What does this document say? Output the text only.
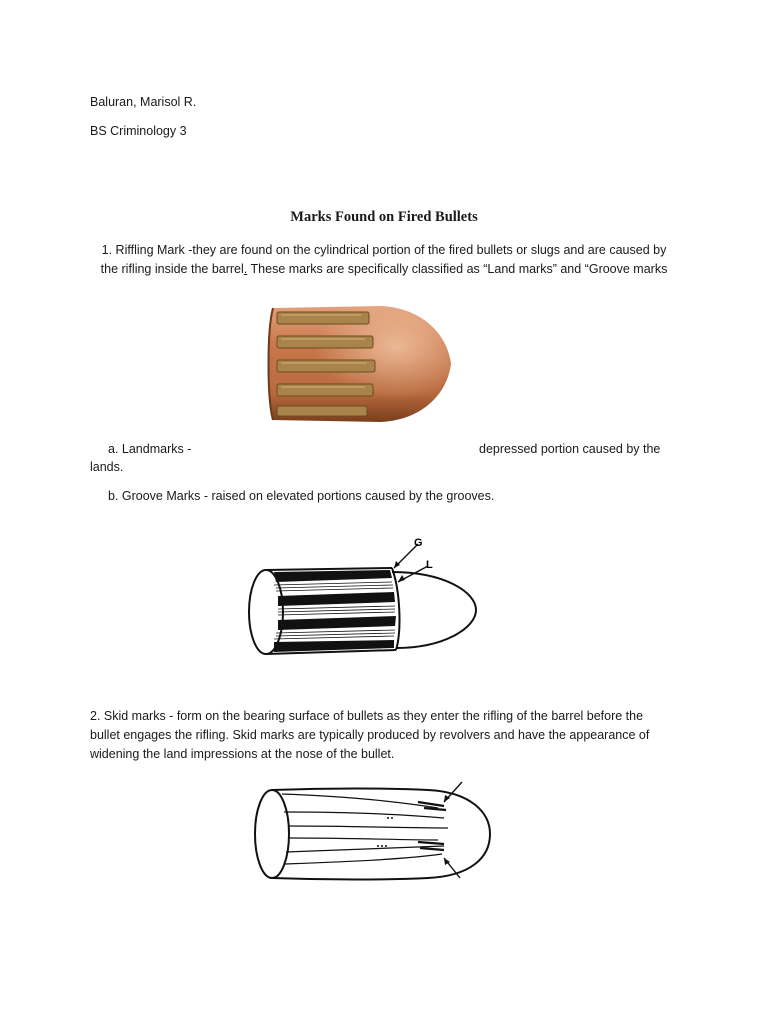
Baluran, Marisol R.
BS Criminology 3
Marks Found on Fired Bullets
1. Riffling Mark -they are found on the cylindrical portion of the fired bullets or slugs and are caused by
the rifling inside the barrel. These marks are specifically classified as “Land marks” and “Groove marks
a. Landmarks -	depressed portion caused by the
lands.
b. Groove Marks - raised on elevated portions caused by the grooves.
G
L
2. Skid marks - form on the bearing surface of bullets as they enter the rifling of the barrel before the
bullet engages the rifling. Skid marks are typically produced by revolvers and have the appearance of
widening the land impressions at the nose of the bullet.
